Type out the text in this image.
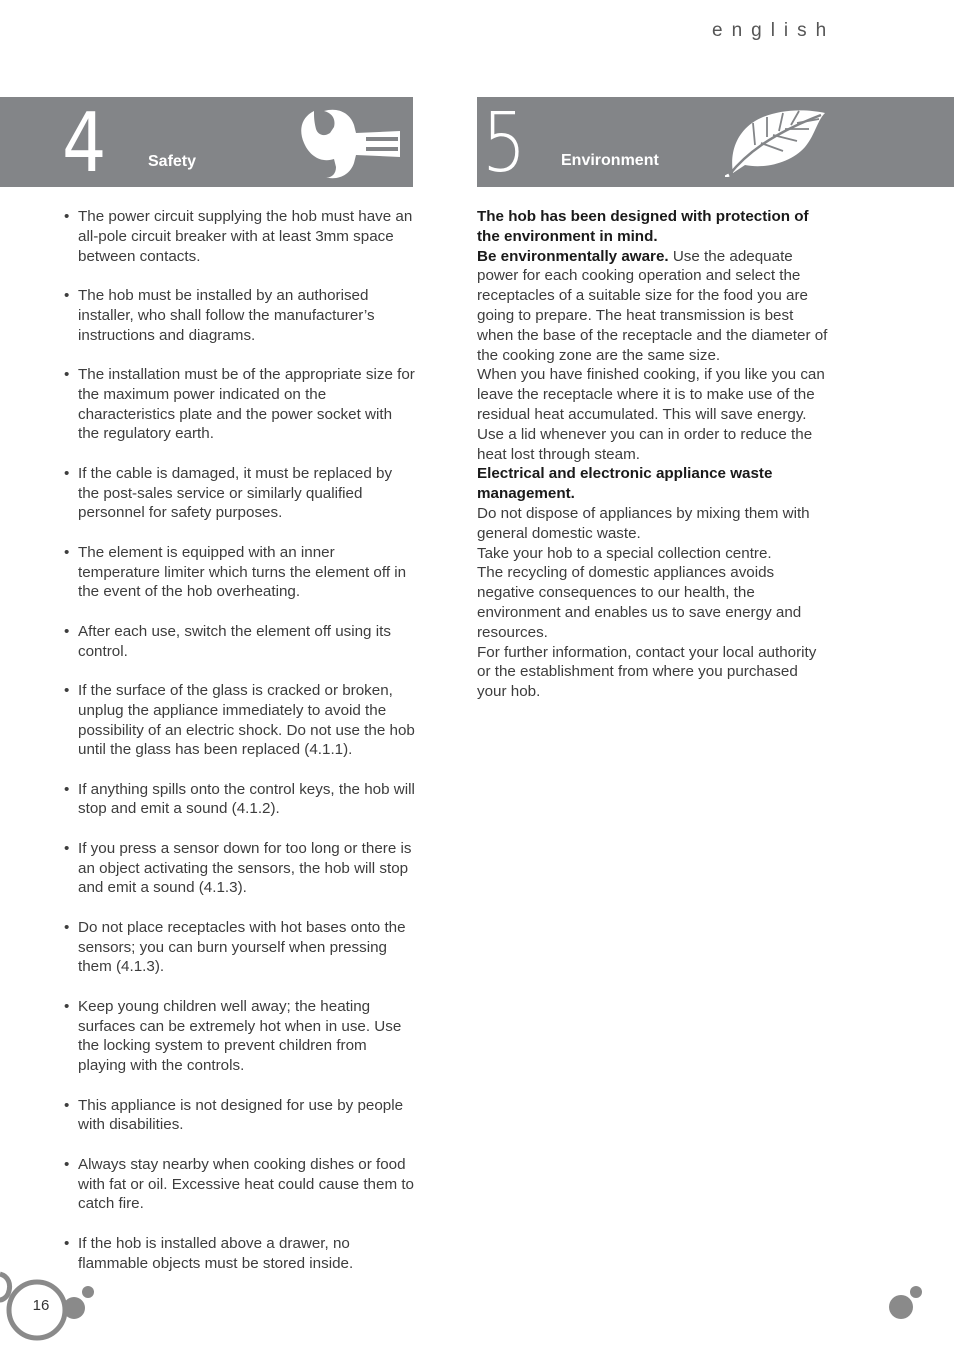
english
4	Safety	5 Environment
• The power circuit supplying the hob must have an all-pole circuit breaker with at least 3mm space between contacts.
• The hob must be installed by an authorised installer, who shall follow the manufacturer’s instructions and diagrams.
• The installation must be of the appropriate size for the maximum power indicated on the characteristics plate and the power socket with the regulatory earth.
• If the cable is damaged, it must be replaced by the post-sales service or similarly qualified personnel for safety purposes.
• The element is equipped with an inner temperature limiter which turns the element off in the event of the hob overheating.
• After each use, switch the element off using its control.
• If the surface of the glass is cracked or broken, unplug the appliance immediately to avoid the possibility of an electric shock. Do not use the hob until the glass has been replaced (4.1.1).
• If anything spills onto the control keys, the hob will stop and emit a sound (4.1.2).
• If you press a sensor down for too long or there is an object activating the sensors, the hob will stop and emit a sound (4.1.3).
• Do not place receptacles with hot bases onto the sensors; you can burn yourself when pressing them (4.1.3).
• Keep young children well away; the heating surfaces can be extremely hot when in use. Use the locking system to prevent children from playing with the controls.
• This appliance is not designed for use by people with disabilities.
• Always stay nearby when cooking dishes or food with fat or oil. Excessive heat could cause them to catch fire.
• If the hob is installed above a drawer, no flammable objects must be stored inside.

The hob has been designed with protection of the environment in mind.

Be environmentally aware. Use the adequate power for each cooking operation and select the receptacles of a suitable size for the food you are going to prepare. The heat transmission is best when the base of the receptacle and the diameter of the cooking zone are the same size.

When you have finished cooking, if you like you can leave the receptacle where it is to make use of the residual heat accumulated. This will save energy.

Use a lid whenever you can in order to reduce the heat lost through steam.

Electrical and electronic appliance waste management.

Do not dispose of appliances by mixing them with general domestic waste.

Take your hob to a special collection centre.

The recycling of domestic appliances avoids negative consequences to our health, the environment and enables us to save energy and resources.

For further information, contact your local authority or the establishment from where you purchased your hob.

16
